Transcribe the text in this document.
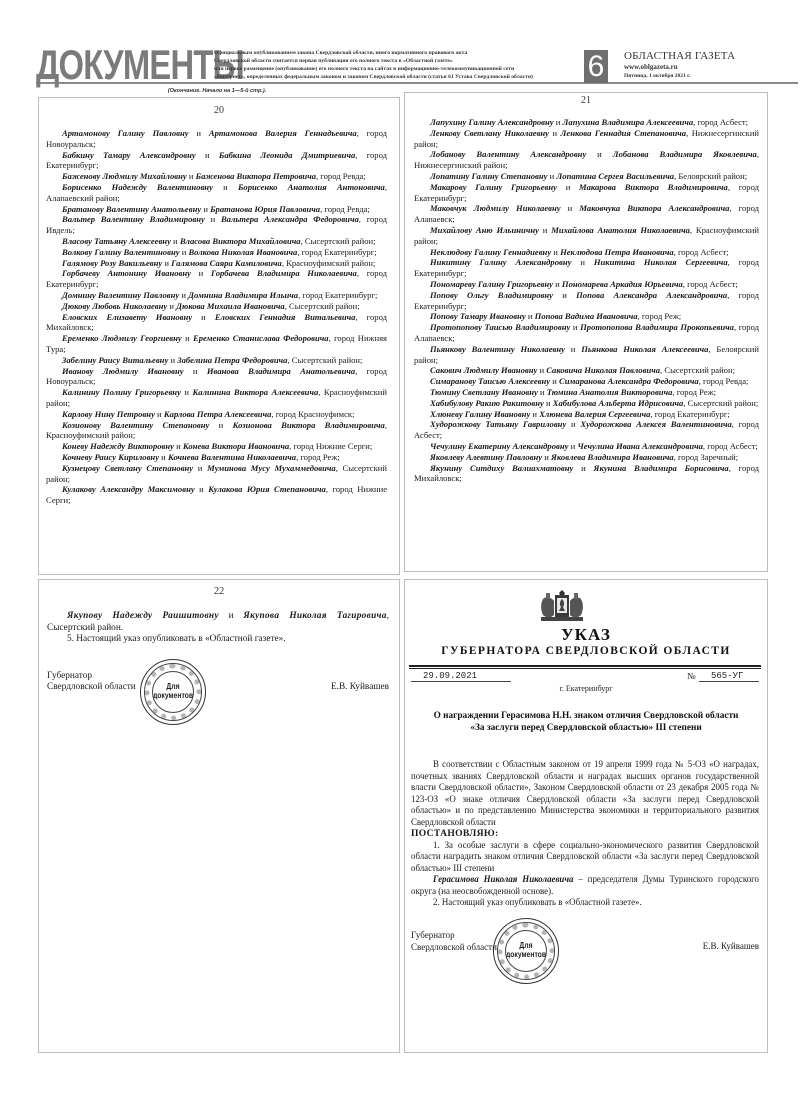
ДОКУМЕНТЫ
Официальным опубликованием закона Свердловской области, иного нормативного правового акта
Свердловской области считается первая публикация его полного текста в «Областной газете»
или первое размещение (опубликование) его полного текста на сайтах в информационно-телекоммуникационной сети
«Интернет», определенных федеральным законом и законом Свердловской области (статья 61 Устава Свердловской области)	6	ОБЛАСТНАЯ ГАЗЕТА
www.oblgazeta.ru
Пятница, 1 октября 2021 г.
(Окончание. Начало на 1—5-й стр.).
20
Артамонову Галину Павловну и Артамонова Валерия Геннадьевича, город Новоуральск;
Бабкину Тамару Александровну и Бабкина Леонида Дмитриевича, город Екатеринбург;
Баженову Людмилу Михайловну и Баженова Виктора Петровича, город Ревда;
Борисенко Надежду Валентиновну и Борисенко Анатолия Антоновича, Алапаевский район;
Братанову Валентину Анатольевну и Братанова Юрия Павловича, город Ревда;
Вальтер Валентину Владимировну и Вальтера Александра Федоровича, город Ивдель;
Власову Татьяну Алексеевну и Власова Виктора Михайловича, Сысертский район;
Волкову Галину Валентиновну и Волкова Николая Ивановича, город Екатеринбург;
Галямову Розу Вакильевну и Галямова Саяра Камиловича, Красноуфимский район;
Горбачеву Антонину Ивановну и Горбачева Владимира Николаевича, город Екатеринбург;
Домнину Валентину Павловну и Домнина Владимира Ильича, город Екатеринбург;
Дюкову Любовь Николаевну и Дюкова Михаила Ивановича, Сысертский район;
Еловских Елизавету Ивановну и Еловских Геннадия Витальевича, город Михайловск;
Еременко Людмилу Георгиевну и Еременко Станислава Федоровича, город Нижняя Тура;
Забелину Раису Витальевну и Забелина Петра Федоровича, Сысертский район;
Иванову Людмилу Ивановну и Иванова Владимира Анатольевича, город Новоуральск;
Калинину Полину Григорьевну и Калинина Виктора Алексеевича, Красноуфимский район;
Карлову Нину Петровну и Карлова Петра Алексеевича, город Красноуфимск;
Козионову Валентину Степановну и Козионова Виктора Владимировича, Красноуфимский район;
Коневу Надежду Викторовну и Конева Виктора Ивановича, город Нижние Серги;
Кочневу Раису Кириловну и Кочнева Валентина Николаевича, город Реж;
Кузнецову Светлану Степановну и Муминова Мусу Мухаммедовича, Сысертский район;
Кулакову Александру Максимовну и Кулакова Юрия Степановича, город Нижние Серги;
21
Лапухину Галину Александровну и Лапухина Владимира Алексеевича, город Асбест;
Ленкову Светлану Николаевну и Ленкова Геннадия Степановича, Нижнесергинский район;
Лобанову Валентину Александровну и Лобанова Владимира Яковлевича, Нижнесергинский район;
Лопатину Галину Степановну и Лопатина Сергея Васильевича, Белоярский район;
Макарову Галину Григорьевну и Макарова Виктора Владимировича, город Екатеринбург;
Маковчук Людмилу Николаевну и Маковчука Виктора Александровича, город Алапаевск;
Михайлову Аню Ильиничну и Михайлова Анатолия Николаевича, Красноуфимский район;
Неклюдову Галину Геннадиевну и Неклюдова Петра Ивановича, город Асбест;
Никитину Галину Александровну и Никитина Николая Сергеевича, город Екатеринбург;
Пономареву Галину Григорьевну и Пономарева Аркадия Юрьевича, город Асбест;
Попову Ольгу Владимировну и Попова Александра Александровича, город Екатеринбург;
Попову Тамару Ивановну и Попова Вадима Ивановича, город Реж;
Протопопову Таисью Владимировну и Протопопова Владимира Прокопьевича, город Алапаевск;
Пьянкову Валентину Николаевну и Пьянкова Николая Алексеевича, Белоярский район;
Сакович Людмилу Ивановну и Саковича Николая Павловича, Сысертский район;
Симаранову Таисью Алексеевну и Симаранова Александра Федоровича, город Ревда;
Тюмину Светлану Ивановну и Тюмина Анатолия Викторовича, город Реж;
Хабибулову Ракию Ракитовну и Хабибулова Альберта Идрисовича, Сысертский район;
Хлюневу Галину Ивановну и Хлюнева Валерия Сергеевича, город Екатеринбург;
Худорожкову Татьяну Гавриловну и Худорожкова Алексея Валентиновича, город Асбест;
Чечулину Екатерину Александровну и Чечулина Ивана Александровича, город Асбест;
Яковлеву Алевтину Павловну и Яковлева Владимира Ивановича, город Заречный;
Якунину Ситдиху Валиахматовну и Якунина Владимира Борисовича, город Михайловск;
22
Якупову Надежду Раишитовну и Якупова Николая Тагировича, Сысертский район.
5. Настоящий указ опубликовать в «Областной газете».
Губернатор
Свердловской области	Для
документов
Е.В. Куйвашев
УКАЗ
ГУБЕРНАТОРА СВЕРДЛОВСКОЙ ОБЛАСТИ
29.09.2021	№	565-УГ
г. Екатеринбург
О награждении Герасимова Н.Н. знаком отличия Свердловской области
«За заслуги перед Свердловской областью» III степени
В соответствии с Областным законом от 19 апреля 1999 года № 5-ОЗ «О наградах, почетных званиях Свердловской области и наградах высших органов государственной власти Свердловской области», Законом Свердловской области от 23 декабря 2005 года № 123-ОЗ «О знаке отличия Свердловской области «За заслуги перед Свердловской областью» и по представлению Министерства экономики и территориального развития Свердловской области
ПОСТАНОВЛЯЮ:
1. За особые заслуги в сфере социально-экономического развития Свердловской области наградить знаком отличия Свердловской области «За заслуги перед Свердловской областью» III степени
Герасимова Николая Николаевича – председателя Думы Туринского городского округа (на неосвобожденной основе).
2. Настоящий указ опубликовать в «Областной газете».
Губернатор
Свердловской области	Для
документов
Е.В. Куйвашев
